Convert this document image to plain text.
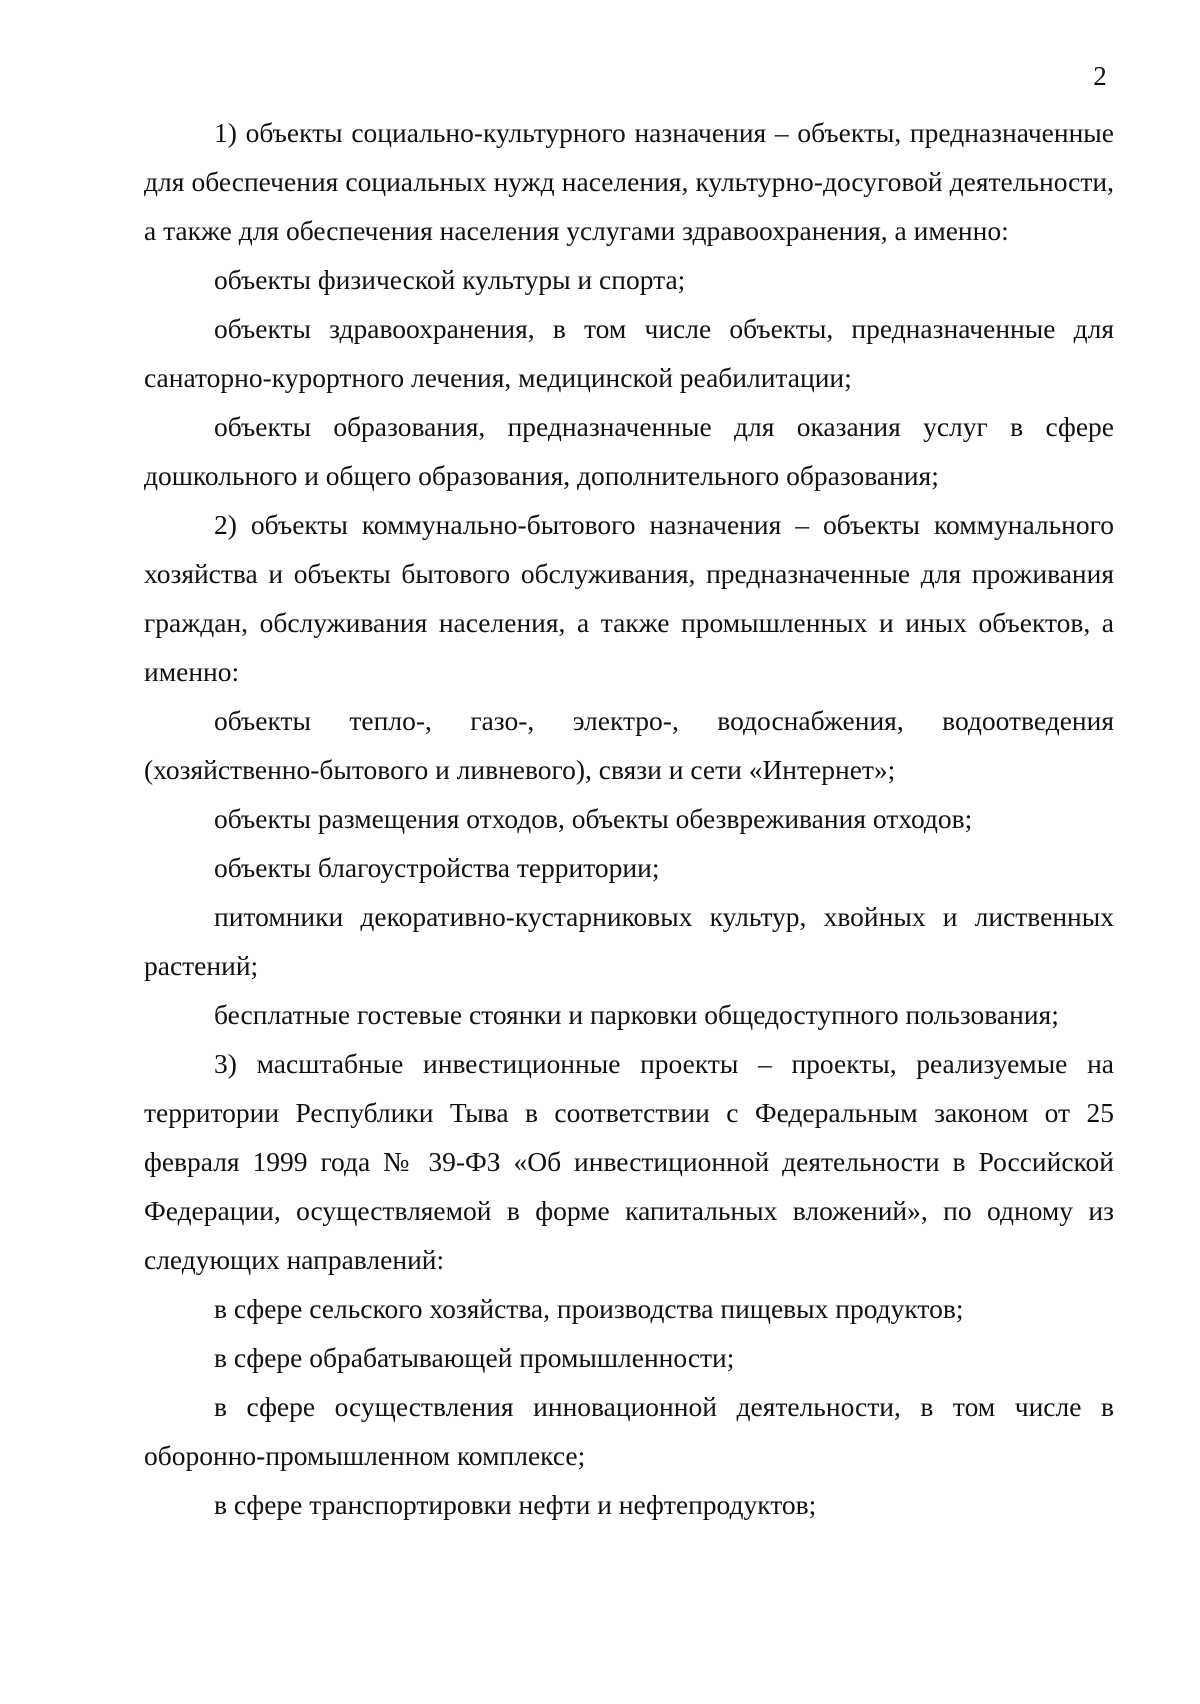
2

1) объекты социально-культурного назначения – объекты, предназначенные для обеспечения социальных нужд населения, культурно-досуговой деятельности, а также для обеспечения населения услугами здравоохранения, а именно:

объекты физической культуры и спорта;

объекты здравоохранения, в том числе объекты, предназначенные для санаторно-курортного лечения, медицинской реабилитации;

объекты образования, предназначенные для оказания услуг в сфере дошкольного и общего образования, дополнительного образования;

2) объекты коммунально-бытового назначения – объекты коммунального хозяйства и объекты бытового обслуживания, предназначенные для проживания граждан, обслуживания населения, а также промышленных и иных объектов, а именно:

объекты тепло-, газо-, электро-, водоснабжения, водоотведения (хозяйственно-бытового и ливневого), связи и сети «Интернет»;

объекты размещения отходов, объекты обезвреживания отходов;

объекты благоустройства территории;

питомники декоративно-кустарниковых культур, хвойных и лиственных растений;

бесплатные гостевые стоянки и парковки общедоступного пользования;

3) масштабные инвестиционные проекты – проекты, реализуемые на территории Республики Тыва в соответствии с Федеральным законом от 25 февраля 1999 года № 39-ФЗ «Об инвестиционной деятельности в Российской Федерации, осуществляемой в форме капитальных вложений», по одному из следующих направлений:

в сфере сельского хозяйства, производства пищевых продуктов;

в сфере обрабатывающей промышленности;

в сфере осуществления инновационной деятельности, в том числе в оборонно-промышленном комплексе;

в сфере транспортировки нефти и нефтепродуктов;
